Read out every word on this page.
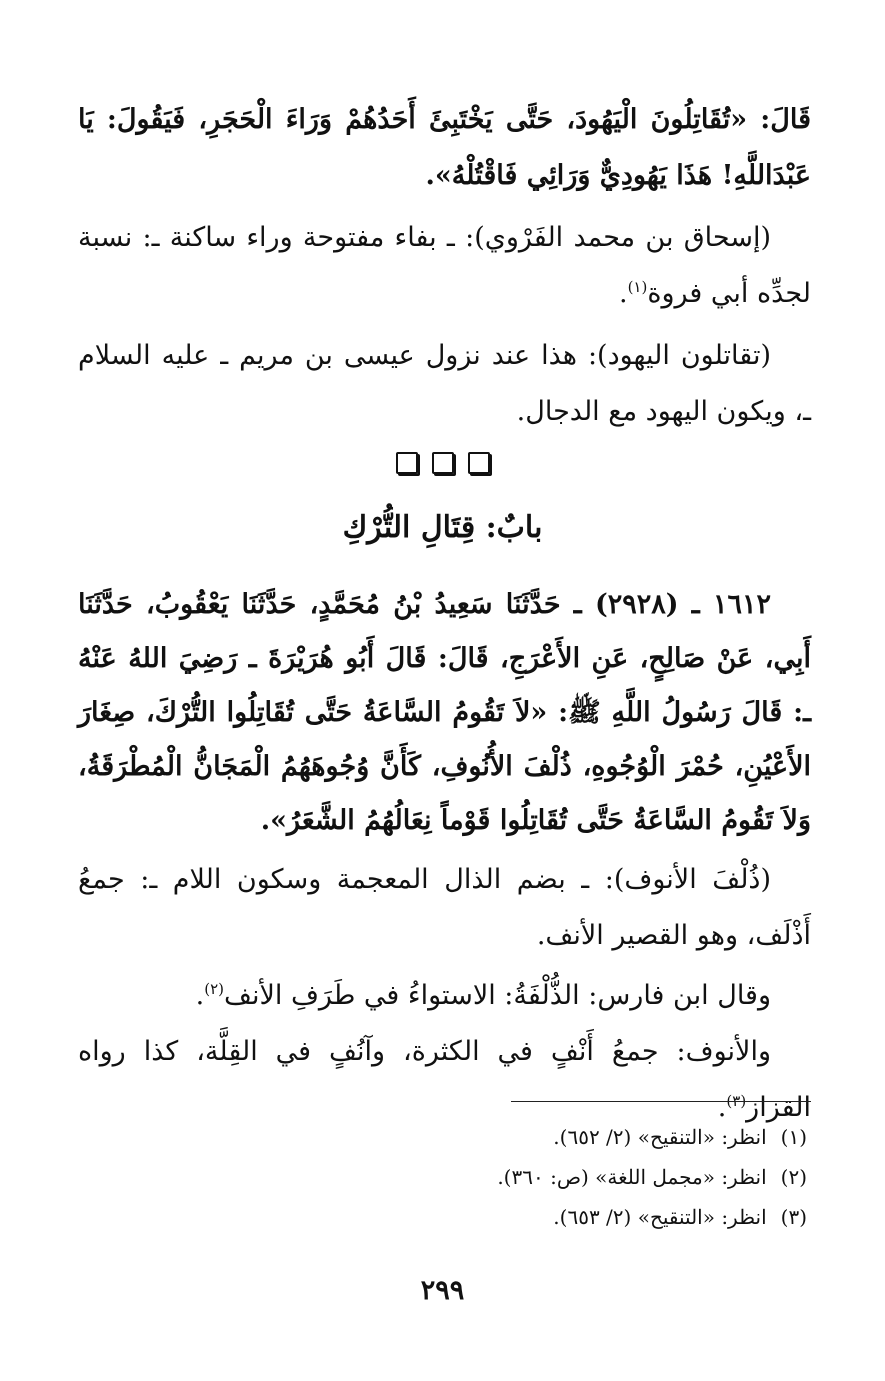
قَالَ: «تُقَاتِلُونَ الْيَهُودَ، حَتَّى يَخْتَبِئَ أَحَدُهُمْ وَرَاءَ الْحَجَرِ، فَيَقُولَ: يَا عَبْدَاللَّهِ! هَذَا يَهُودِيٌّ وَرَائِي فَاقْتُلْهُ».

(إسحاق بن محمد الفَرْوي): ـ بفاء مفتوحة وراء ساكنة ـ: نسبة لجدِّه أبي فروة$^{(١)}$.

(تقاتلون اليهود): هذا عند نزول عيسى بن مريم ـ عليه السلام ـ، ويكون اليهود مع الدجال.

بابٌ: قِتَالِ التُّرْكِ

١٦١٢ ـ (٢٩٢٨) ـ حَدَّثَنَا سَعِيدُ بْنُ مُحَمَّدٍ، حَدَّثَنَا يَعْقُوبُ، حَدَّثَنَا أَبِي، عَنْ صَالِحٍ، عَنِ الأَعْرَجِ، قَالَ: قَالَ أَبُو هُرَيْرَةَ ـ رَضِيَ اللهُ عَنْهُ ـ: قَالَ رَسُولُ اللَّهِ ﷺ: «لاَ تَقُومُ السَّاعَةُ حَتَّى تُقَاتِلُوا التُّرْكَ، صِغَارَ الأَعْيُنِ، حُمْرَ الْوُجُوهِ، ذُلْفَ الأُنُوفِ، كَأَنَّ وُجُوهَهُمُ الْمَجَانُّ الْمُطْرَقَةُ، وَلاَ تَقُومُ السَّاعَةُ حَتَّى تُقَاتِلُوا قَوْماً نِعَالُهُمُ الشَّعَرُ».

(ذُلْفَ الأنوف): ـ بضم الذال المعجمة وسكون اللام ـ: جمعُ أَذْلَف، وهو القصير الأنف.

وقال ابن فارس: الذُّلْفَةُ: الاستواءُ في طَرَفِ الأنف$^{(٢)}$.

والأنوف: جمعُ أَنْفٍ في الكثرة، وآنُفٍ في القِلَّة، كذا رواه القزاز$^{(٣)}$.

(١)انظر: «التنقيح» (٢/ ٦٥٢).

(٢)انظر: «مجمل اللغة» (ص: ٣٦٠).

(٣)انظر: «التنقيح» (٢/ ٦٥٣).

٢٩٩
